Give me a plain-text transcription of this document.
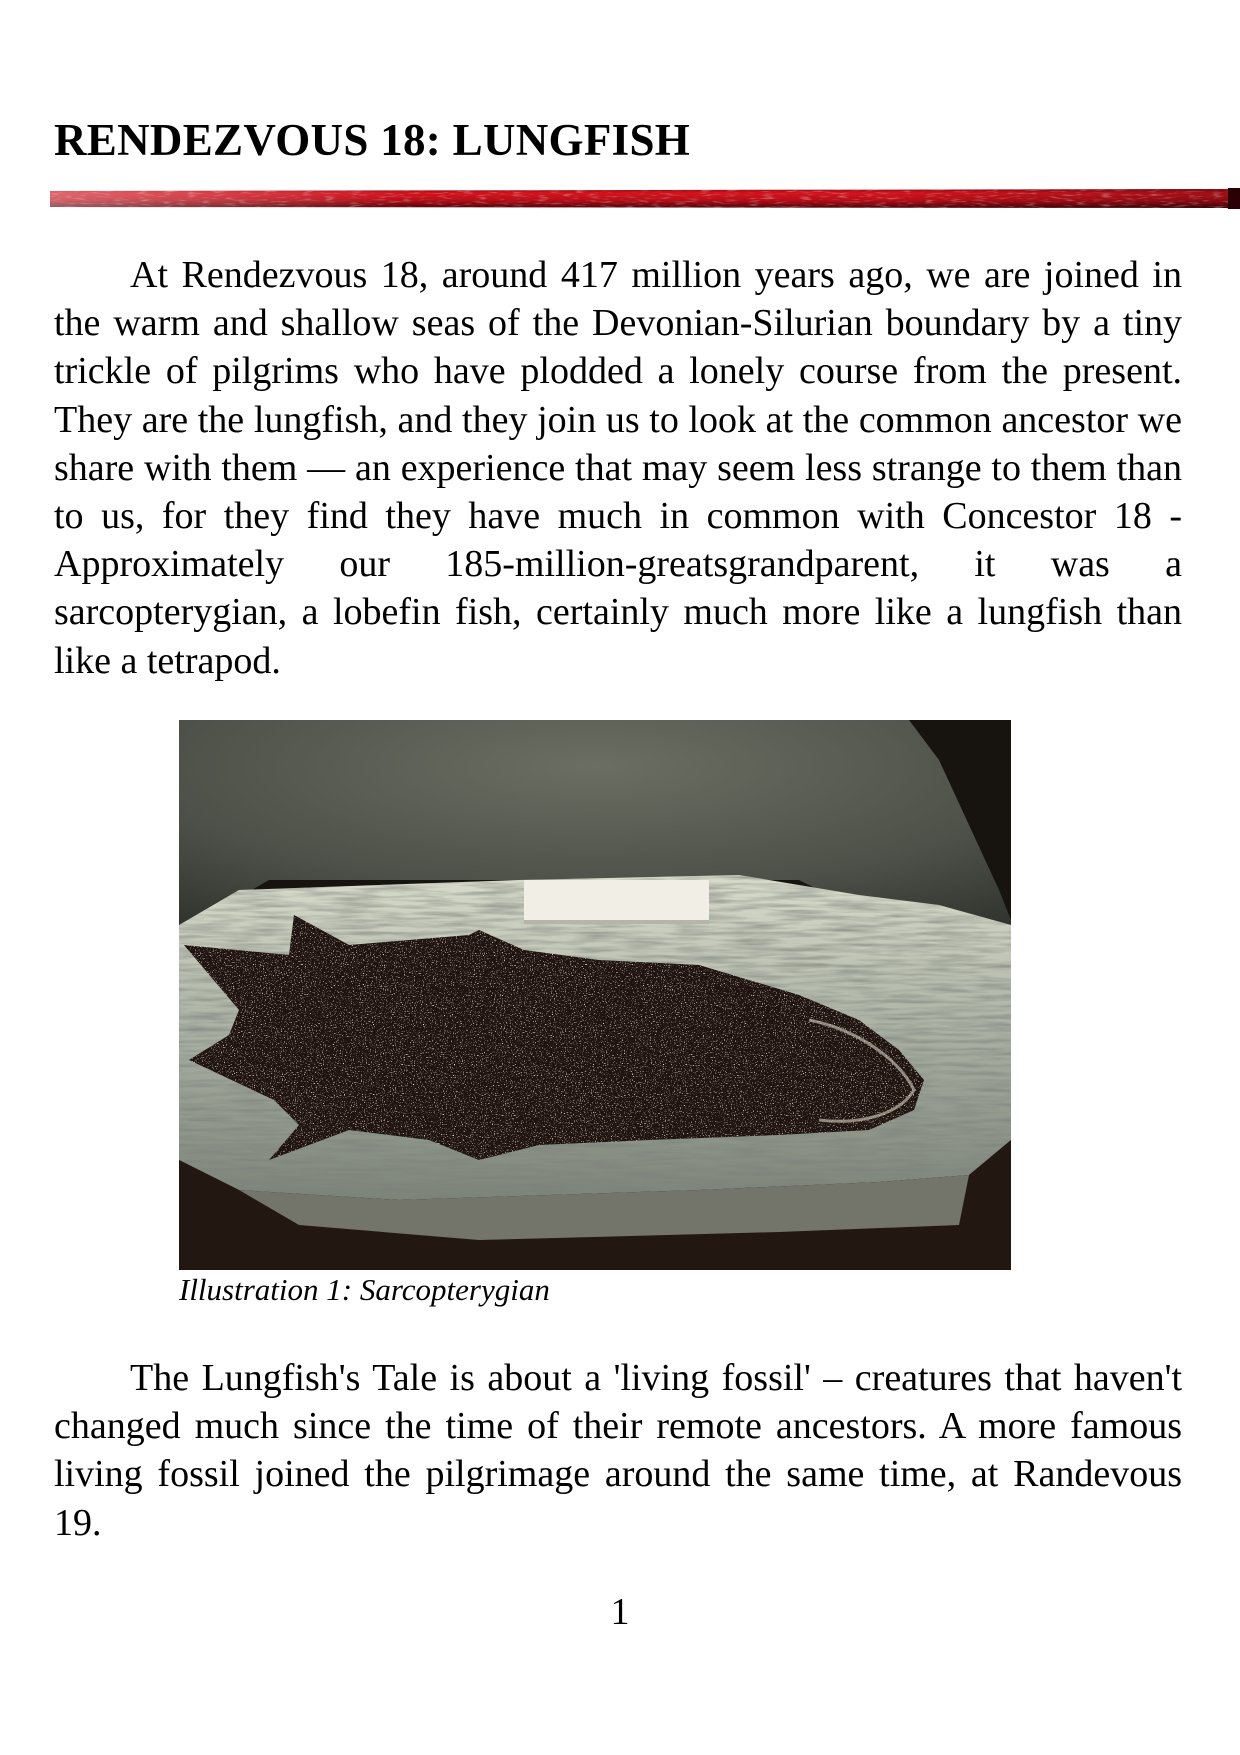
RENDEZVOUS 18: LUNGFISH

At Rendezvous 18, around 417 million years ago, we are joined in the warm and shallow seas of the Devonian-Silurian boundary by a tiny trickle of pilgrims who have plodded a lonely course from the present. They are the lungfish, and they join us to look at the common ancestor we share with them — an experience that may seem less strange to them than to us, for they find they have much in common with Concestor 18 - Approximately our 185-million-greatsgrandparent, it was a sarcopterygian, a lobefin fish, certainly much more like a lungfish than like a tetrapod.

Illustration 1: Sarcopterygian

The Lungfish's Tale is about a 'living fossil' – creatures that haven't changed much since the time of their remote ancestors. A more famous living fossil joined the pilgrimage around the same time, at Randevous 19.

1
